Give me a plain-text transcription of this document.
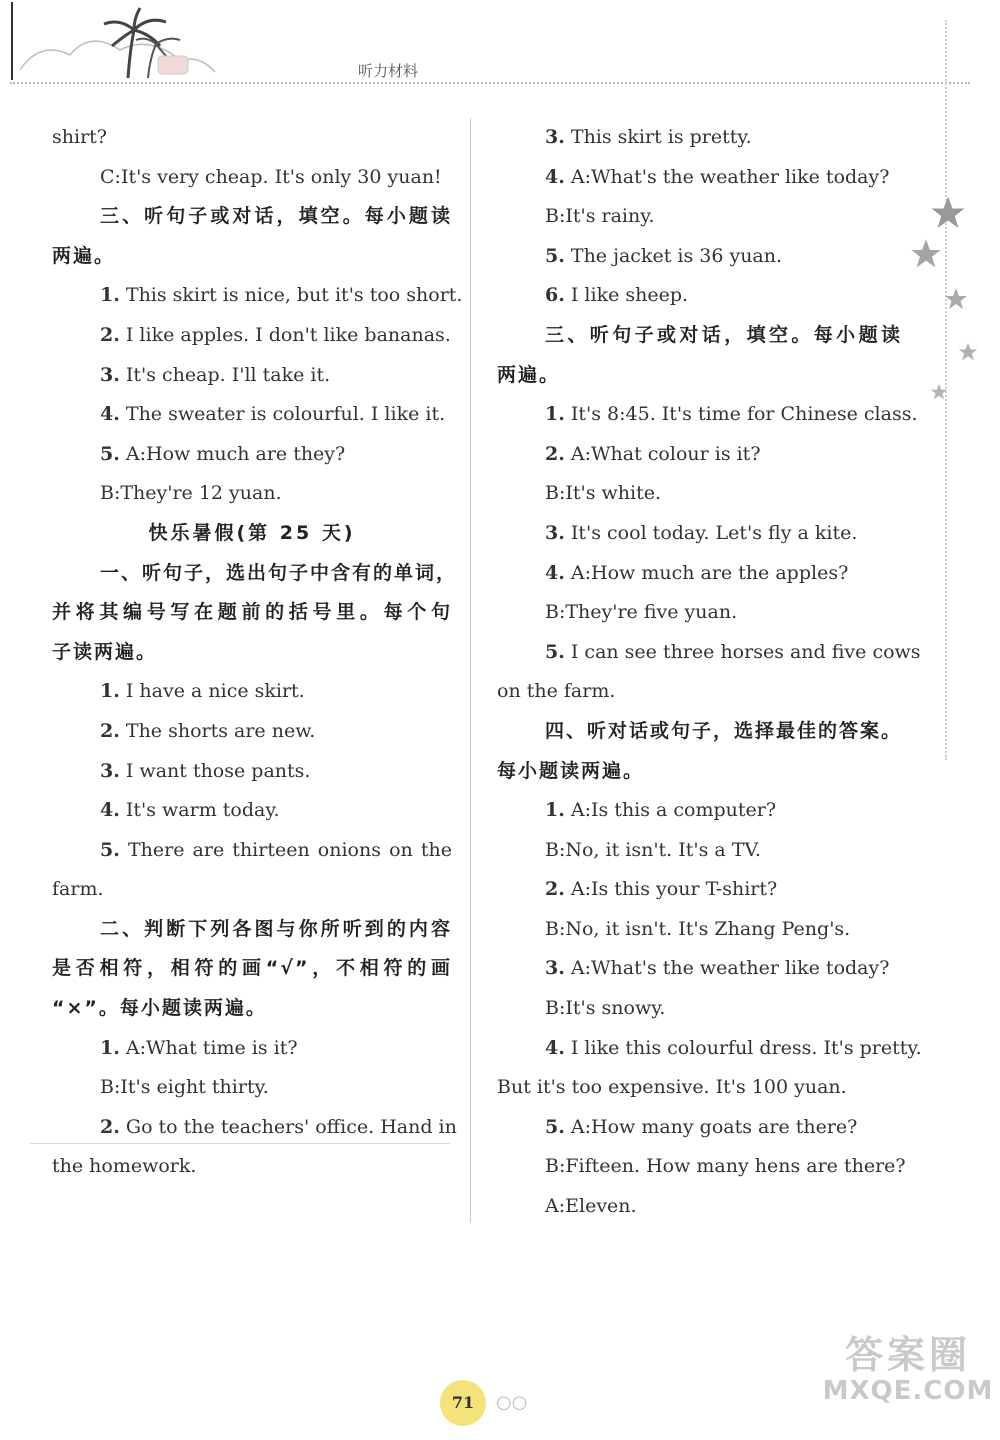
听力材料
shirt?
C:It's very cheap. It's only 30 yuan!
三、听句子或对话，填空。每小题读
两遍。
1. This skirt is nice, but it's too short.
2. I like apples. I don't like bananas.
3. It's cheap. I'll take it.
4. The sweater is colourful. I like it.
5. A:How much are they?
B:They're 12 yuan.
快乐暑假(第 25 天)
一、听句子，选出句子中含有的单词，
并将其编号写在题前的括号里。每个句
子读两遍。
1. I have a nice skirt.
2. The shorts are new.
3. I want those pants.
4. It's warm today.
5. There are thirteen onions on the
farm.
二、判断下列各图与你所听到的内容
是否相符，相符的画“√”，不相符的画
“×”。每小题读两遍。
1. A:What time is it?
B:It's eight thirty.
2. Go to the teachers' office. Hand in
the homework.
3. This skirt is pretty.
4. A:What's the weather like today?
B:It's rainy.
5. The jacket is 36 yuan.
6. I like sheep.
三、听句子或对话，填空。每小题读
两遍。
1. It's 8:45. It's time for Chinese class.
2. A:What colour is it?
B:It's white.
3. It's cool today. Let's fly a kite.
4. A:How much are the apples?
B:They're five yuan.
5. I can see three horses and five cows
on the farm.
四、听对话或句子，选择最佳的答案。
每小题读两遍。
1. A:Is this a computer?
B:No, it isn't. It's a TV.
2. A:Is this your T-shirt?
B:No, it isn't. It's Zhang Peng's.
3. A:What's the weather like today?
B:It's snowy.
4. I like this colourful dress. It's pretty.
But it's too expensive. It's 100 yuan.
5. A:How many goats are there?
B:Fifteen. How many hens are there?
A:Eleven.
71	○○
答案圈
MXQE.COM
